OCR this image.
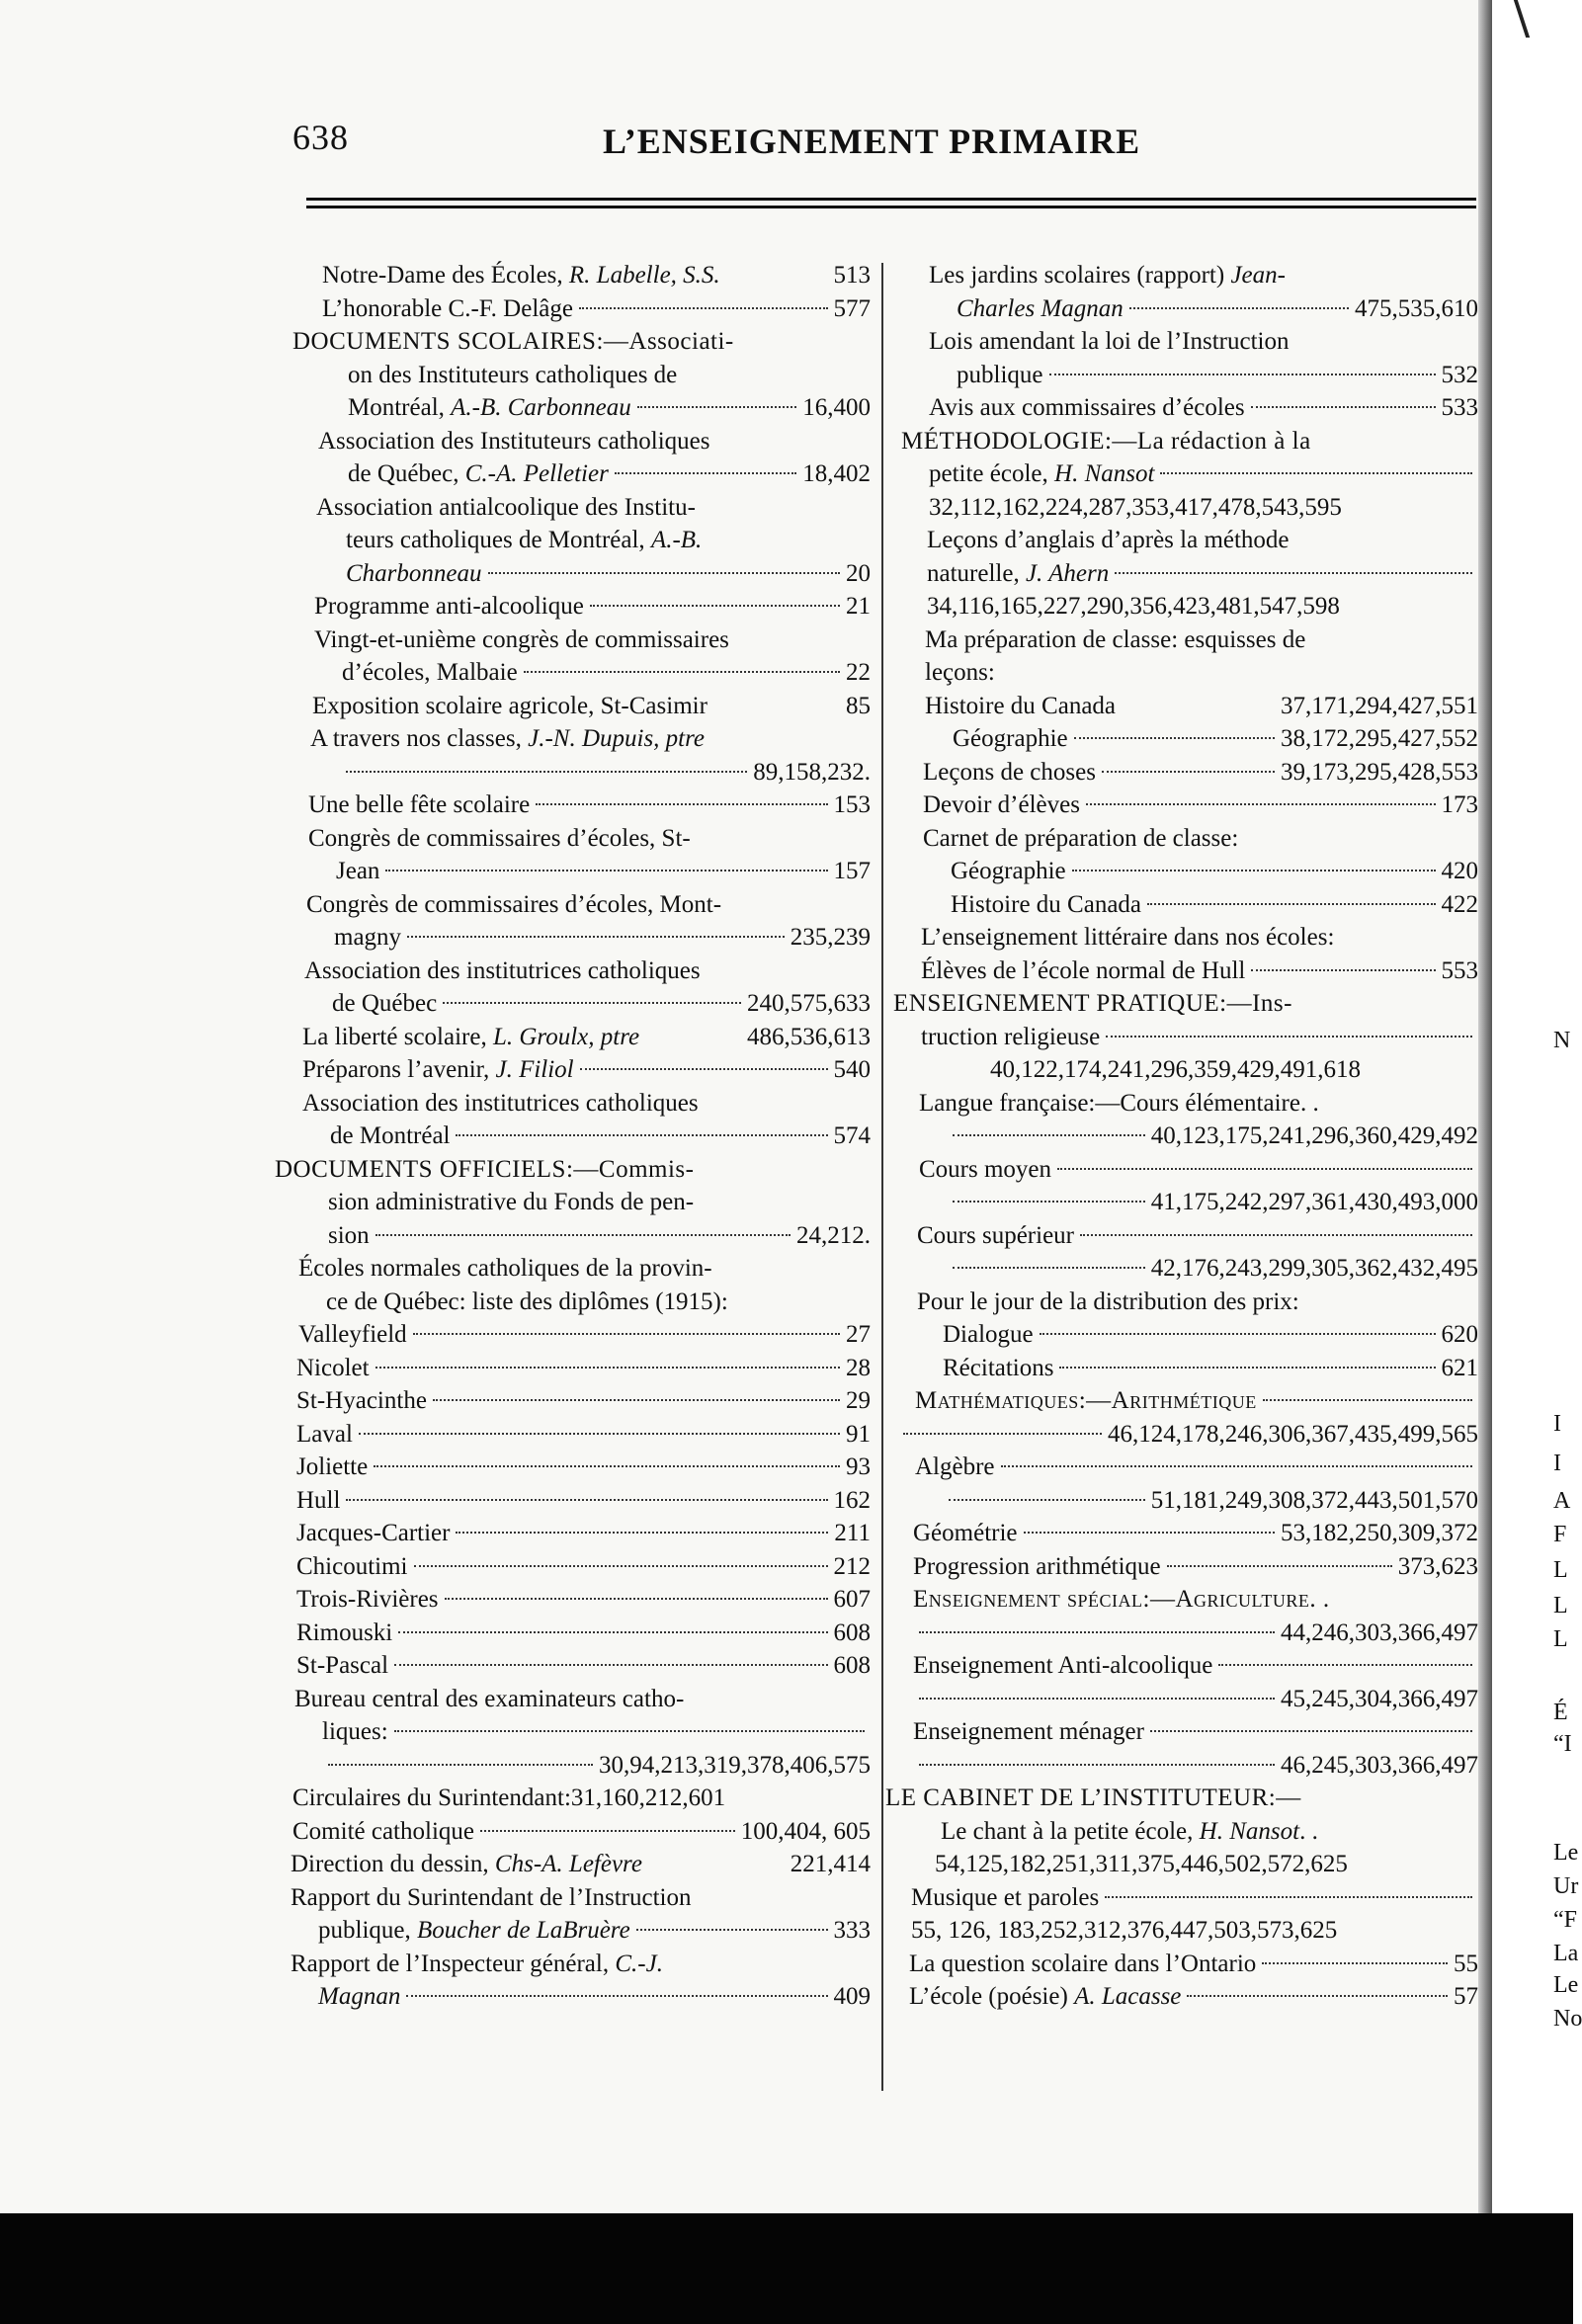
638	L’ENSEIGNEMENT PRIMAIRE
Notre-Dame des Écoles, R. Labelle, S.S.	513
L’honorable C.-F. Delâge	577
DOCUMENTS SCOLAIRES:—Associati-
on des Instituteurs catholiques de
Montréal, A.-B. Carbonneau	16,400
Association des Instituteurs catholiques
de Québec, C.-A. Pelletier	18,402
Association antialcoolique des Institu-
teurs catholiques de Montréal, A.-B.
Charbonneau	20
Programme anti-alcoolique	21
Vingt-et-unième congrès de commissaires
d’écoles, Malbaie	22
Exposition scolaire agricole, St-Casimir	85
A travers nos classes, J.-N. Dupuis, ptre
89,158,232.
Une belle fête scolaire	153
Congrès de commissaires d’écoles, St-
Jean	157
Congrès de commissaires d’écoles, Mont-
magny	235,239
Association des institutrices catholiques
de Québec	240,575,633
La liberté scolaire, L. Groulx, ptre	486,536,613
Préparons l’avenir, J. Filiol	540
Association des institutrices catholiques
de Montréal	574
DOCUMENTS OFFICIELS:—Commis-
sion administrative du Fonds de pen-
sion	24,212.
Écoles normales catholiques de la provin-
ce de Québec: liste des diplômes (1915):
Valleyfield	27
Nicolet	28
St-Hyacinthe	29
Laval	91
Joliette	93
Hull	162
Jacques-Cartier	211
Chicoutimi	212
Trois-Rivières	607
Rimouski	608
St-Pascal	608
Bureau central des examinateurs catho-
liques:
30,94,213,319,378,406,575
Circulaires du Surintendant:31,160,212,601
Comité catholique	100,404, 605
Direction du dessin, Chs-A. Lefèvre	221,414
Rapport du Surintendant de l’Instruction
publique, Boucher de LaBruère	333
Rapport de l’Inspecteur général, C.-J.
Magnan	409
Les jardins scolaires (rapport) Jean-
Charles Magnan	475,535,610
Lois amendant la loi de l’Instruction
publique	532
Avis aux commissaires d’écoles	533
MÉTHODOLOGIE:—La rédaction à la
petite école, H. Nansot
32,112,162,224,287,353,417,478,543,595
Leçons d’anglais d’après la méthode
naturelle, J. Ahern
34,116,165,227,290,356,423,481,547,598
Ma préparation de classe: esquisses de
leçons:
Histoire du Canada	37,171,294,427,551
Géographie	38,172,295,427,552
Leçons de choses	39,173,295,428,553
Devoir d’élèves	173
Carnet de préparation de classe:
Géographie	420
Histoire du Canada	422
L’enseignement littéraire dans nos écoles:
Élèves de l’école normal de Hull	553
ENSEIGNEMENT PRATIQUE:—Ins-
truction religieuse
40,122,174,241,296,359,429,491,618
Langue française:—Cours élémentaire. .
40,123,175,241,296,360,429,492
Cours moyen
41,175,242,297,361,430,493,000
Cours supérieur
42,176,243,299,305,362,432,495
Pour le jour de la distribution des prix:
Dialogue	620
Récitations	621
Mathématiques:—Arithmétique
46,124,178,246,306,367,435,499,565
Algèbre
51,181,249,308,372,443,501,570
Géométrie	53,182,250,309,372
Progression arithmétique	373,623
Enseignement spécial:—Agriculture. .
44,246,303,366,497
Enseignement Anti-alcoolique
45,245,304,366,497
Enseignement ménager
46,245,303,366,497
LE CABINET DE L’INSTITUTEUR:—
Le chant à la petite école, H. Nansot. .
54,125,182,251,311,375,446,502,572,625
Musique et paroles
55, 126, 183,252,312,376,447,503,573,625
La question scolaire dans l’Ontario	55
L’école (poésie) A. Lacasse	57
N
I
I
A
F
L
L
L
É
“I
Le
Ur
“F
La
Le
No
